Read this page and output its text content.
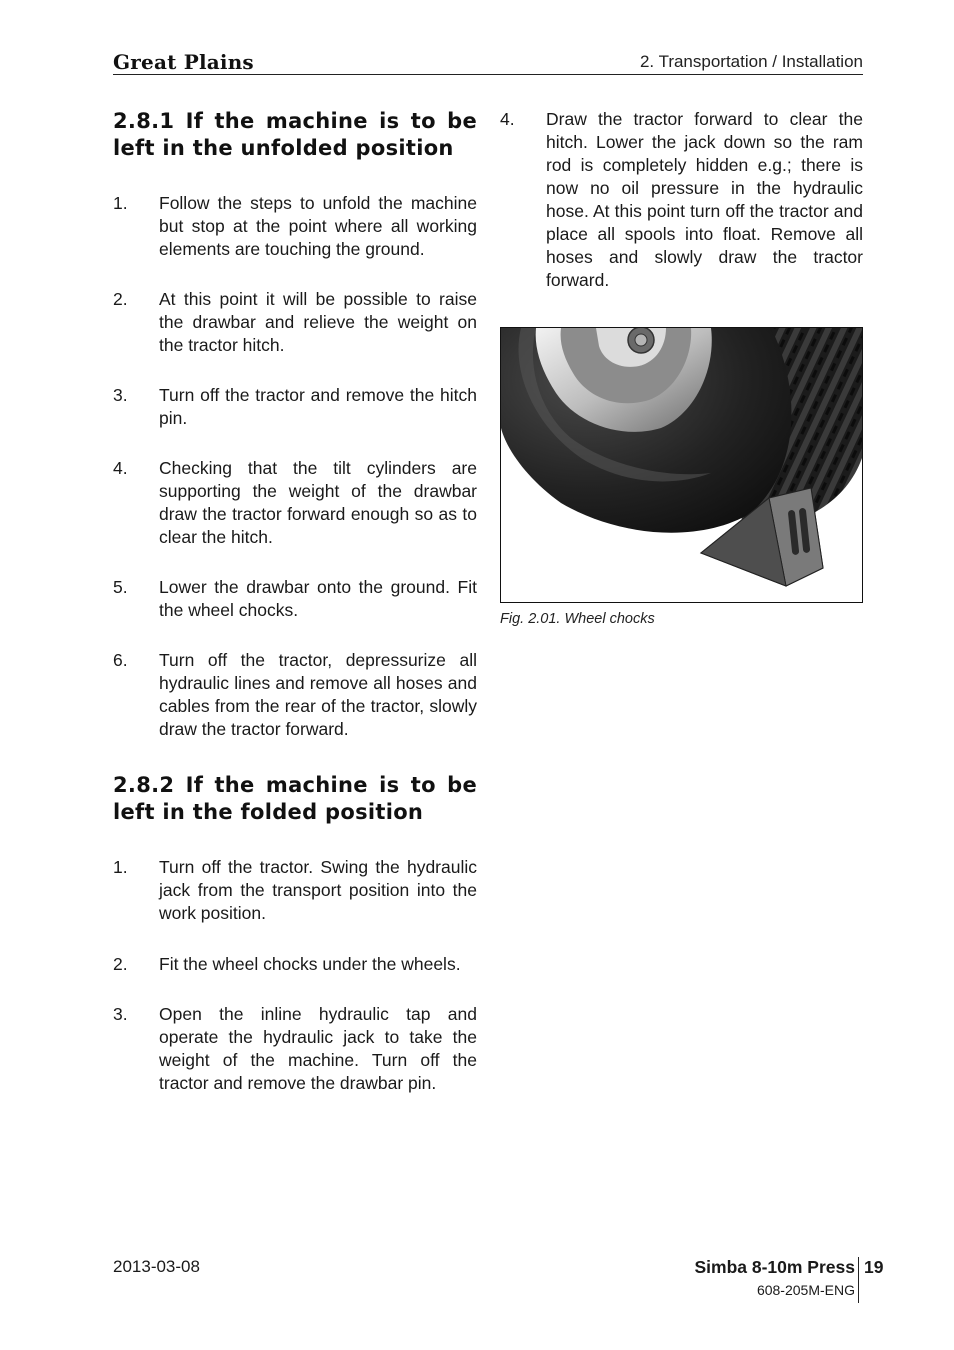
Great Plains	2. Transportation / Installation
2.8.1 If the machine is to be left in the unfolded position
1. Follow the steps to unfold the machine but stop at the point where all working elements are touching the ground.
2. At this point it will be possible to raise the drawbar and relieve the weight on the tractor hitch.
3. Turn off the tractor and remove the hitch pin.
4. Checking that the tilt cylinders are supporting the weight of the drawbar draw the tractor forward enough so as to clear the hitch.
5. Lower the drawbar onto the ground. Fit the wheel chocks.
6. Turn off the tractor, depressurize all hydraulic lines and remove all hoses and cables from the rear of the tractor, slowly draw the tractor forward.
2.8.2 If the machine is to be left in the folded position
1. Turn off the tractor. Swing the hydraulic jack from the transport position into the work position.
2. Fit the wheel chocks under the wheels.
3. Open the inline hydraulic tap and operate the hydraulic jack to take the weight of the machine. Turn off the tractor and remove the drawbar pin.
4. Draw the tractor forward to clear the hitch. Lower the jack down so the ram rod is completely hidden e.g.; there is now no oil pressure in the hydraulic hose. At this point turn off the tractor and place all spools into float. Remove all hoses and slowly draw the tractor forward.
Fig. 2.01. Wheel chocks
2013-03-08	Simba 8-10m Press
608-205M-ENG
19
